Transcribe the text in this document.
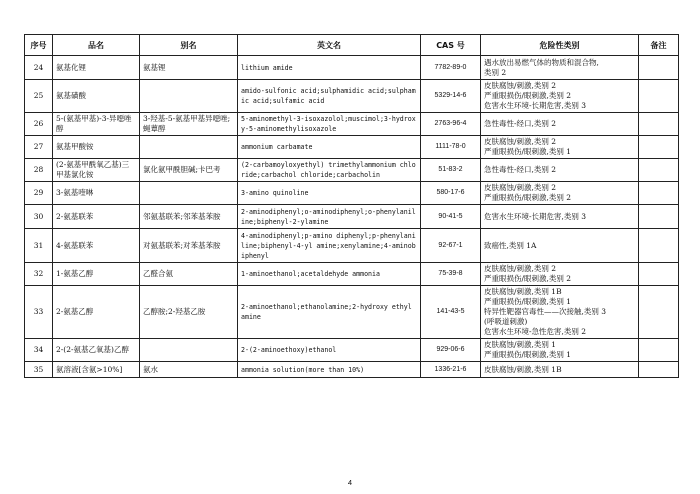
序号	品名	别名	英文名	CAS 号	危险性类别	备注
24	氨基化锂	氨基锂	lithium amide	7782-89-0	遇水放出易燃气体的物质和混合物,
类别 2	

25	氨基磺酸		amido-sulfonic acid;sulphamidic acid;sulphamic acid;sulfamic acid	5329-14-6	皮肤腐蚀/刺激,类别 2
严重眼损伤/眼刺激,类别 2
危害水生环境-长期危害,类别 3	

26	5-(氨基甲基)-3-异噁唑醇	3-羟基-5-氨基甲基异噁唑;蝇蕈醇	5-aminomethyl-3-isoxazolol;muscimol;3-hydroxy-5-aminomethylisoxazole	2763-96-4	急性毒性-经口,类别 2	

27	氨基甲酸铵		ammonium carbamate	1111-78-0	皮肤腐蚀/刺激,类别 2
严重眼损伤/眼刺激,类别 1	

28	(2-氨基甲酰氧乙基)三甲基氯化铵	氯化氨甲酰胆碱;卡巴考	(2-carbamoyloxyethyl) trimethylammonium chloride;carbachol chloride;carbacholin	51-83-2	急性毒性-经口,类别 2	

29	3-氨基喹啉		3-amino quinoline	580-17-6	皮肤腐蚀/刺激,类别 2
严重眼损伤/眼刺激,类别 2	

30	2-氨基联苯	邻氨基联苯;邻苯基苯胺	2-aminodiphenyl;o-aminodiphenyl;o-phenylaniline;biphenyl-2-ylamine	90-41-5	危害水生环境-长期危害,类别 3	

31	4-氨基联苯	对氨基联苯;对苯基苯胺	4-aminodiphenyl;p-amino diphenyl;p-phenylaniline;biphenyl-4-yl amine;xenylamine;4-aminobiphenyl	92-67-1	致癌性,类别 1A	

32	1-氨基乙醇	乙醛合氨	1-aminoethanol;acetaldehyde ammonia	75-39-8	皮肤腐蚀/刺激,类别 2
严重眼损伤/眼刺激,类别 2	

33	2-氨基乙醇	乙醇胺;2-羟基乙胺	2-aminoethanol;ethanolamine;2-hydroxy ethyl amine	141-43-5	皮肤腐蚀/刺激,类别 1B
严重眼损伤/眼刺激,类别 1
特异性靶器官毒性——次接触,类别 3
(呼吸道刺激)
危害水生环境-急性危害,类别 2	

34	2-(2-氨基乙氧基)乙醇		2-(2-aminoethoxy)ethanol	929-06-6	皮肤腐蚀/刺激,类别 1
严重眼损伤/眼刺激,类别 1	

35	氨溶液[含氨>10%]	氨水	ammonia solution(more than 10%)	1336-21-6	皮肤腐蚀/刺激,类别 1B	

4
